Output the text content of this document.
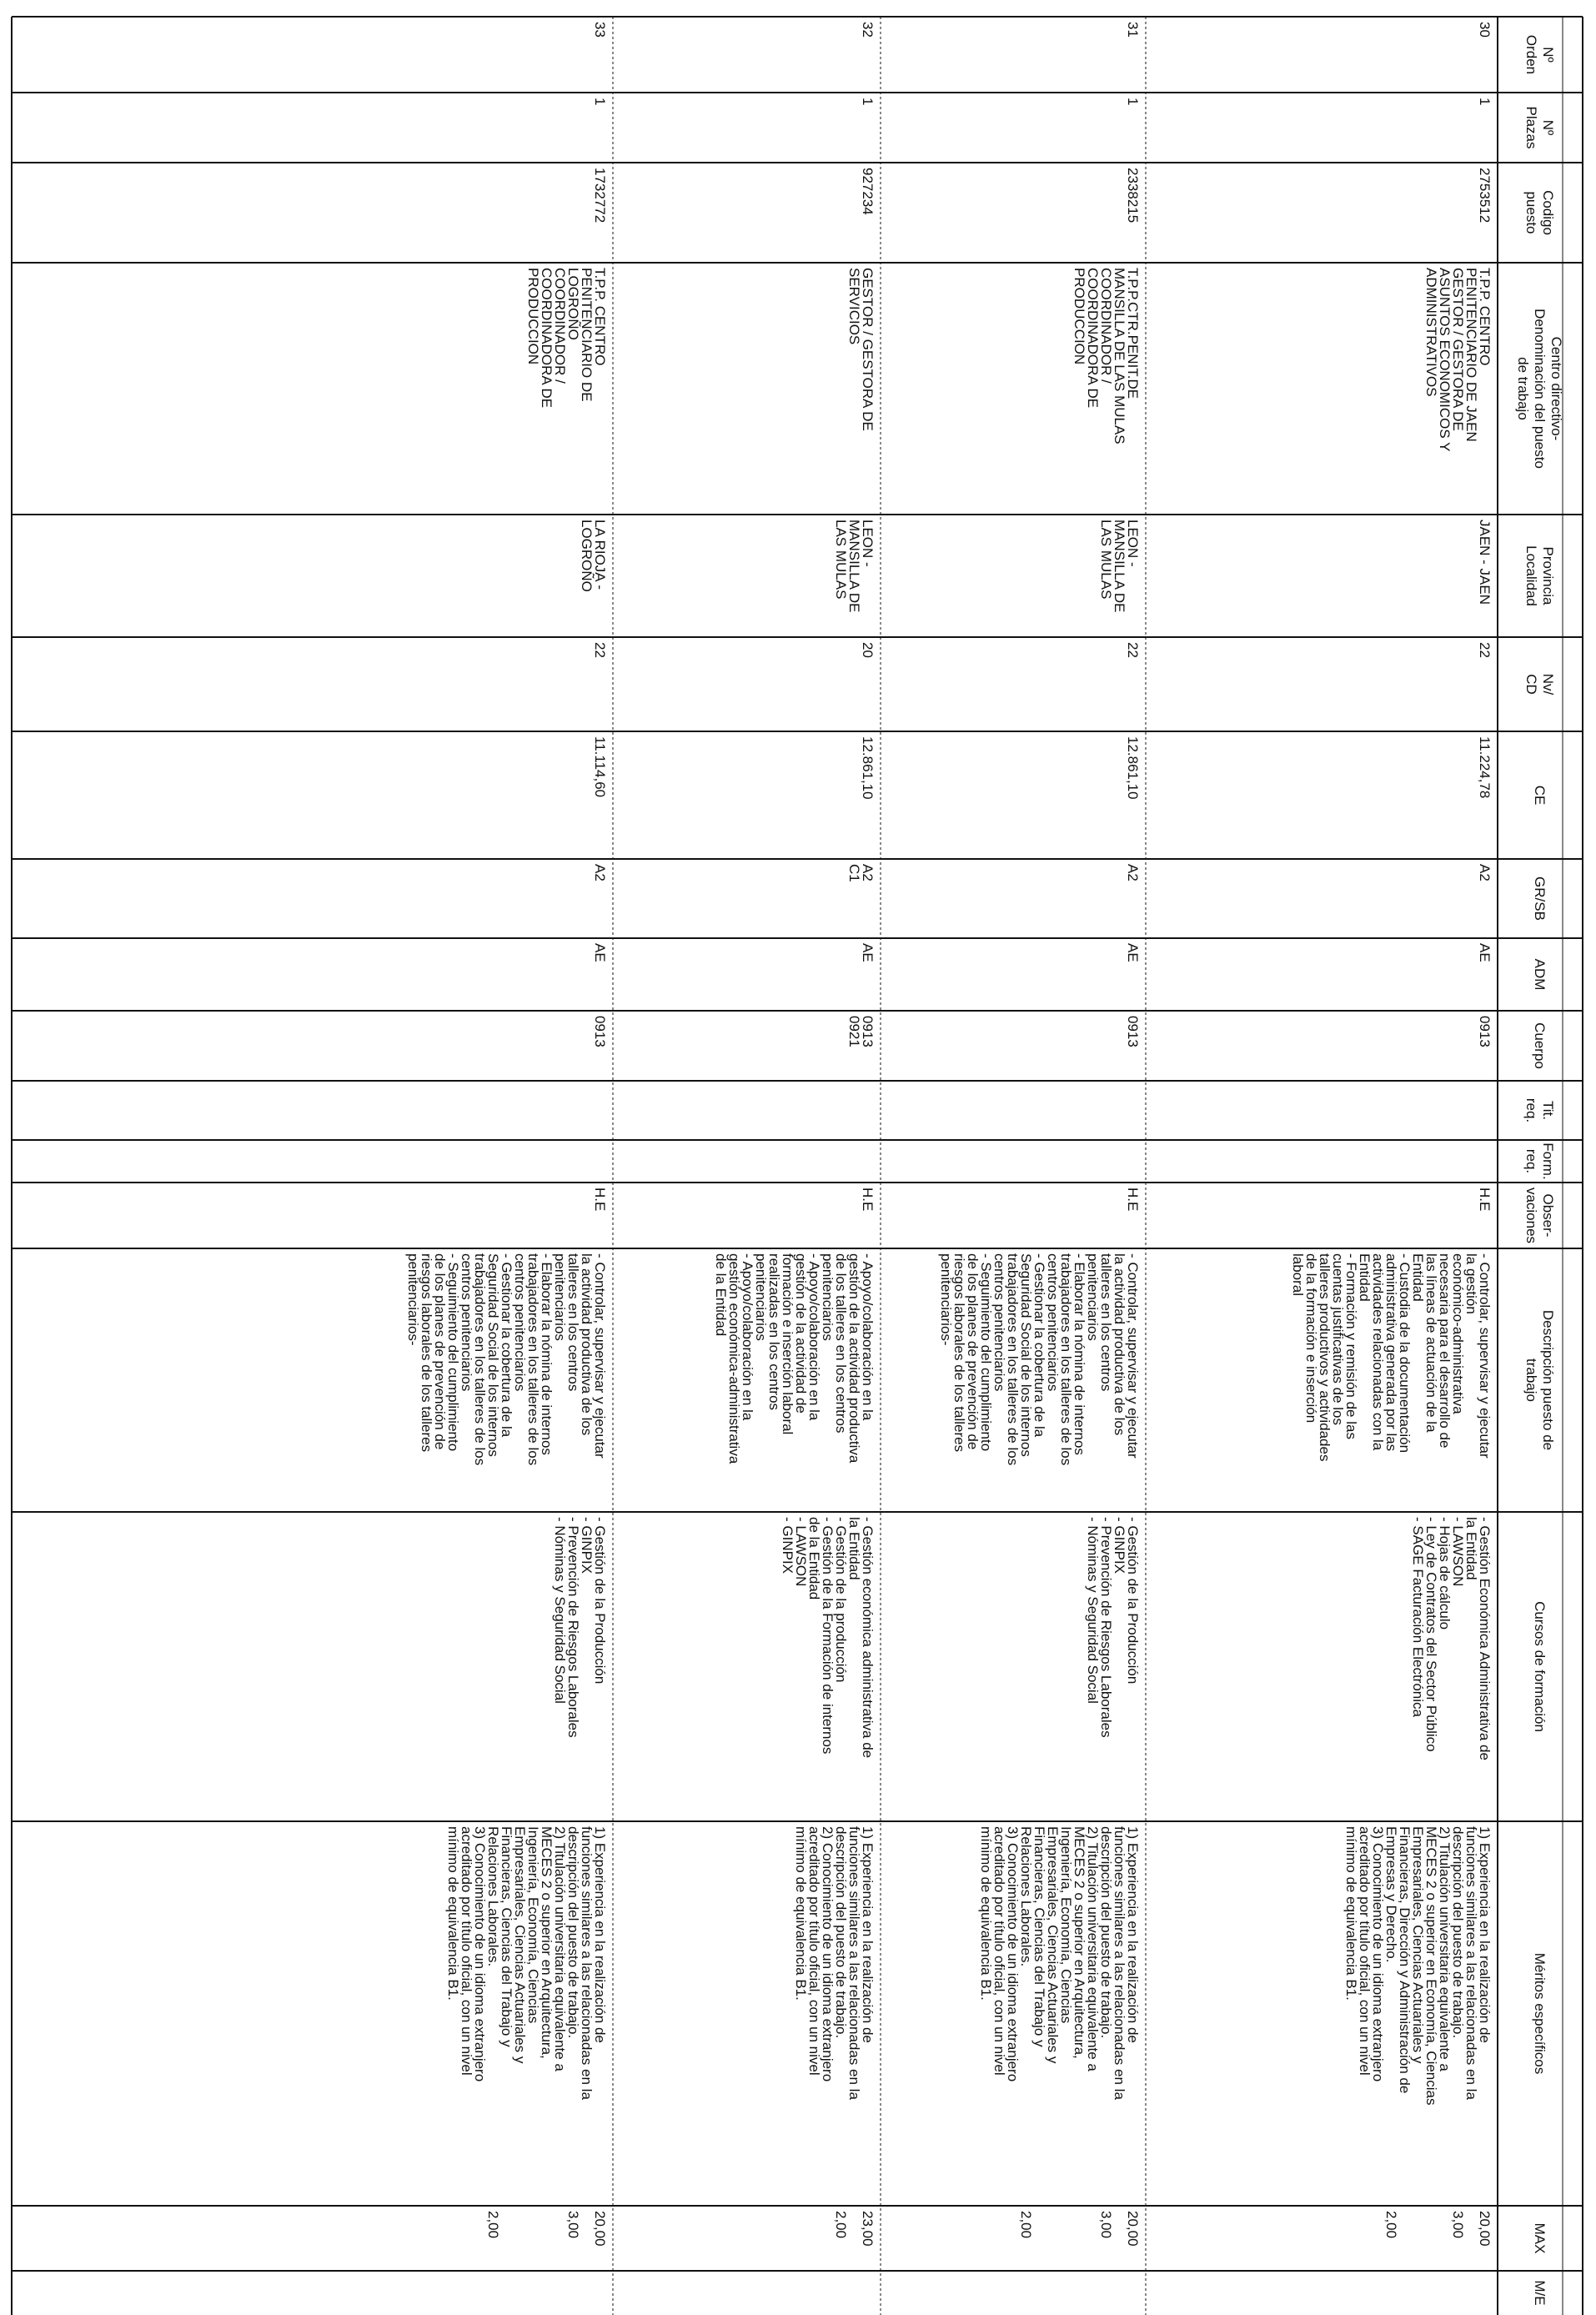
Nº
Orden
Nº
Plazas
Codigo
puesto
Centro directivo-
Denominación del puesto
de trabajo
Provincia
Localidad
Nv/
CD
CE
GR/SB
ADM
Cuerpo
Tit.
req.
Form.
req.
Obser-
vaciones
Descripción puesto de
trabajo
Cursos de formación
Méritos específicos
MAX
M/E
30
1
2753512
T.P.P. CENTRO
PENITENCIARIO DE JAEN
GESTOR / GESTORA DE
ASUNTOS ECONOMICOS Y
ADMINISTRATIVOS
JAEN - JAEN
22
11.224,78
A2
AE
0913
H.E
- Controlar, supervisar y ejecutar
la gestión
económico-administrativa
necesaria para el desarrollo de
las líneas de actuación de la
Entidad
- Custodia de la documentación
administrativa generada por las
actividades relacionadas con la
Entidad
- Formación y remisión de las
cuentas justificativas de los
talleres productivos y actividades
de la formación e inserción
laboral
- Gestión Económica Administrativa de
la Entidad
- LAWSON
- Hojas de cálculo
- Ley de Contratos del Sector Público
- SAGE Facturación Electrónica
1) Experiencia en la realización de
funciones similares a las relacionadas en la
descripción del puesto de trabajo.
2) Titulación universitaria equivalente a
MECES 2 o superior en Economía, Ciencias
Empresariales, Ciencias Actuariales y
Financieras, Dirección y Administración de
Empresas y Derecho.
3) Conocimiento de un idioma extranjero
acreditado por título oficial, con un nivel
mínimo de equivalencia B1.
20,00

3,00

2,00
31
1
2338215
T.P.P.CTR.PENIT.DE
MANSILLA DE LAS MULAS
COORDINADOR /
COORDINADORA DE
PRODUCCION
LEON -
MANSILLA DE
LAS MULAS
22
12.861,10
A2
AE
0913
H.E
- Controlar, supervisar y ejecutar
la actividad productiva de los
talleres en los centros
penitenciarios
- Elaborar la nómina de internos
trabajadores en los talleres de los
centros penitenciarios
- Gestionar la cobertura de la
Seguridad Social de los internos
trabajadores en los talleres de los
centros penitenciarios
- Seguimiento del cumplimiento
de los planes de prevención de
riesgos laborales de los talleres
penitenciarios-
- Gestión de la Producción
- GINPIX
- Prevención de Riesgos Laborales
- Nóminas y Seguridad Social
1) Experiencia en la realización de
funciones similares a las relacionadas en la
descripción del puesto de trabajo.
2) Titulación universitaria equivalente a
MECES 2 o superior en Arquitectura,
Ingeniería, Economía, Ciencias
Empresariales, Ciencias Actuariales y
Financieras, Ciencias del Trabajo y
Relaciones Laborales.
3) Conocimiento de un idioma extranjero
acreditado por título oficial, con un nivel
mínimo de equivalencia B1.
20,00

3,00

2,00
32
1
927234
GESTOR / GESTORA DE
SERVICIOS
LEON -
MANSILLA DE
LAS MULAS
20
12.861,10
A2
C1
AE
0913
0921
H.E
- Apoyo/colaboración en la
gestión de la actividad productiva
de los talleres en los centros
penitenciarios
- Apoyo/colaboración en la
gestión de la actividad de
formación e inserción laboral
realizadas en los centros
penitenciarios
- Apoyo/colaboración en la
gestión económica-administrativa
de la Entidad
- Gestión económica administrativa de
la Entidad
- Gestión de la producción
- Gestión de la Formación de internos
de la Entidad
- LAWSON
- GINPIX
1) Experiencia en la realización de
funciones similares a las relacionadas en la
descripción del puesto de trabajo.
2) Conocimiento de un idioma extranjero
acreditado por título oficial, con un nivel
mínimo de equivalencia B1.
23,00

2,00
33
1
1732772
T.P.P. CENTRO
PENITENCIARIO DE
LOGROÑO
COORDINADOR /
COORDINADORA DE
PRODUCCION
LA RIOJA -
LOGROÑO
22
11.114,60
A2
AE
0913
H.E
- Controlar, supervisar y ejecutar
la actividad productiva de los
talleres en los centros
penitenciarios
- Elaborar la nómina de internos
trabajadores en los talleres de los
centros penitenciarios
- Gestionar la cobertura de la
Seguridad Social de los internos
trabajadores en los talleres de los
centros penitenciarios
- Seguimiento del cumplimiento
de los planes de prevención de
riesgos laborales de los talleres
penitenciarios-
- Gestión de la Producción
- GINPIX
- Prevención de Riesgos Laborales
- Nóminas y Seguridad Social
1) Experiencia en la realización de
funciones similares a las relacionadas en la
descripción del puesto de trabajo.
2) Titulación universitaria equivalente a
MECES 2 o superior en Arquitectura,
Ingeniería, Economía, Ciencias
Empresariales, Ciencias Actuariales y
Financieras, Ciencias del Trabajo y
Relaciones Laborales.
3) Conocimiento de un idioma extranjero
acreditado por título oficial, con un nivel
mínimo de equivalencia B1.
20,00

3,00

2,00
